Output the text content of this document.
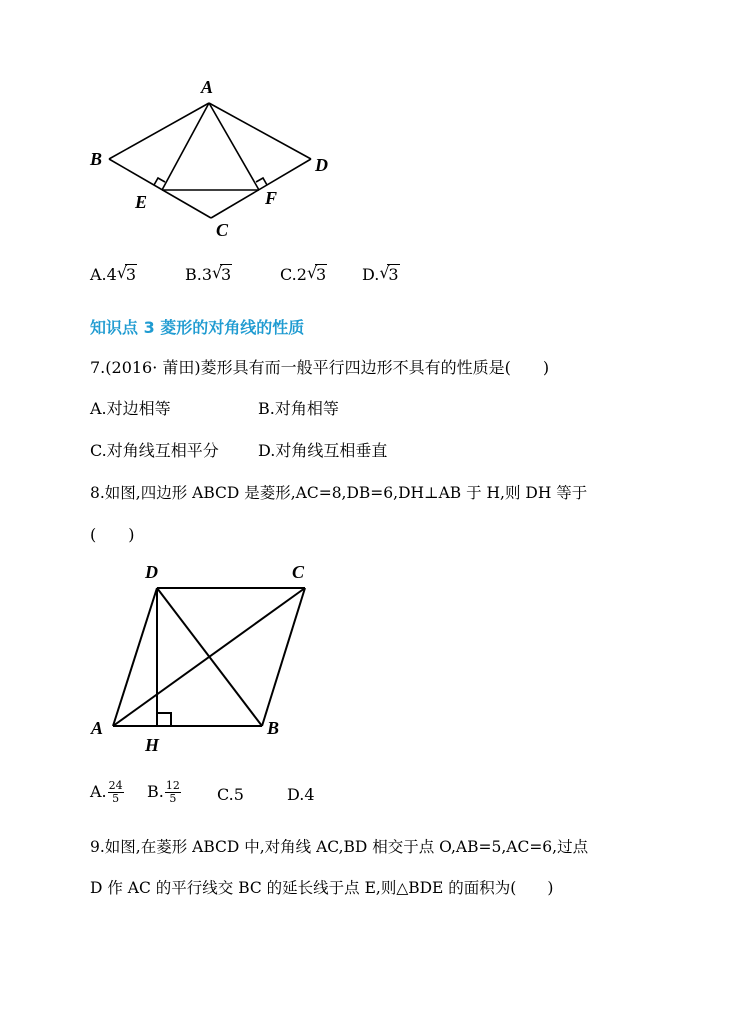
A
B	D
E	F
C
A.4 √
3	B.3 √
3	C.2 √
3 D. √
3
知识点 3 菱形的对角线的性质
7.(2016· 莆田)菱形具有而一般平行四边形不具有的性质是(　　)
A.对边相等	B.对角相等
C.对角线互相平分 D.对角线互相垂直
8.如图,四边形 ABCD 是菱形,AC=8,DB=6,DH⊥AB 于 H,则 DH 等于
(　　)
D	C
A	B
H
A. $\frac{24}{5} B$. $\frac{12}{5} C.5$	D.4
9.如图,在菱形 ABCD 中,对角线 AC,BD 相交于点 O,AB=5,AC=6,过点
D 作 AC 的平行线交 BC 的延长线于点 E,则△BDE 的面积为(　　)
